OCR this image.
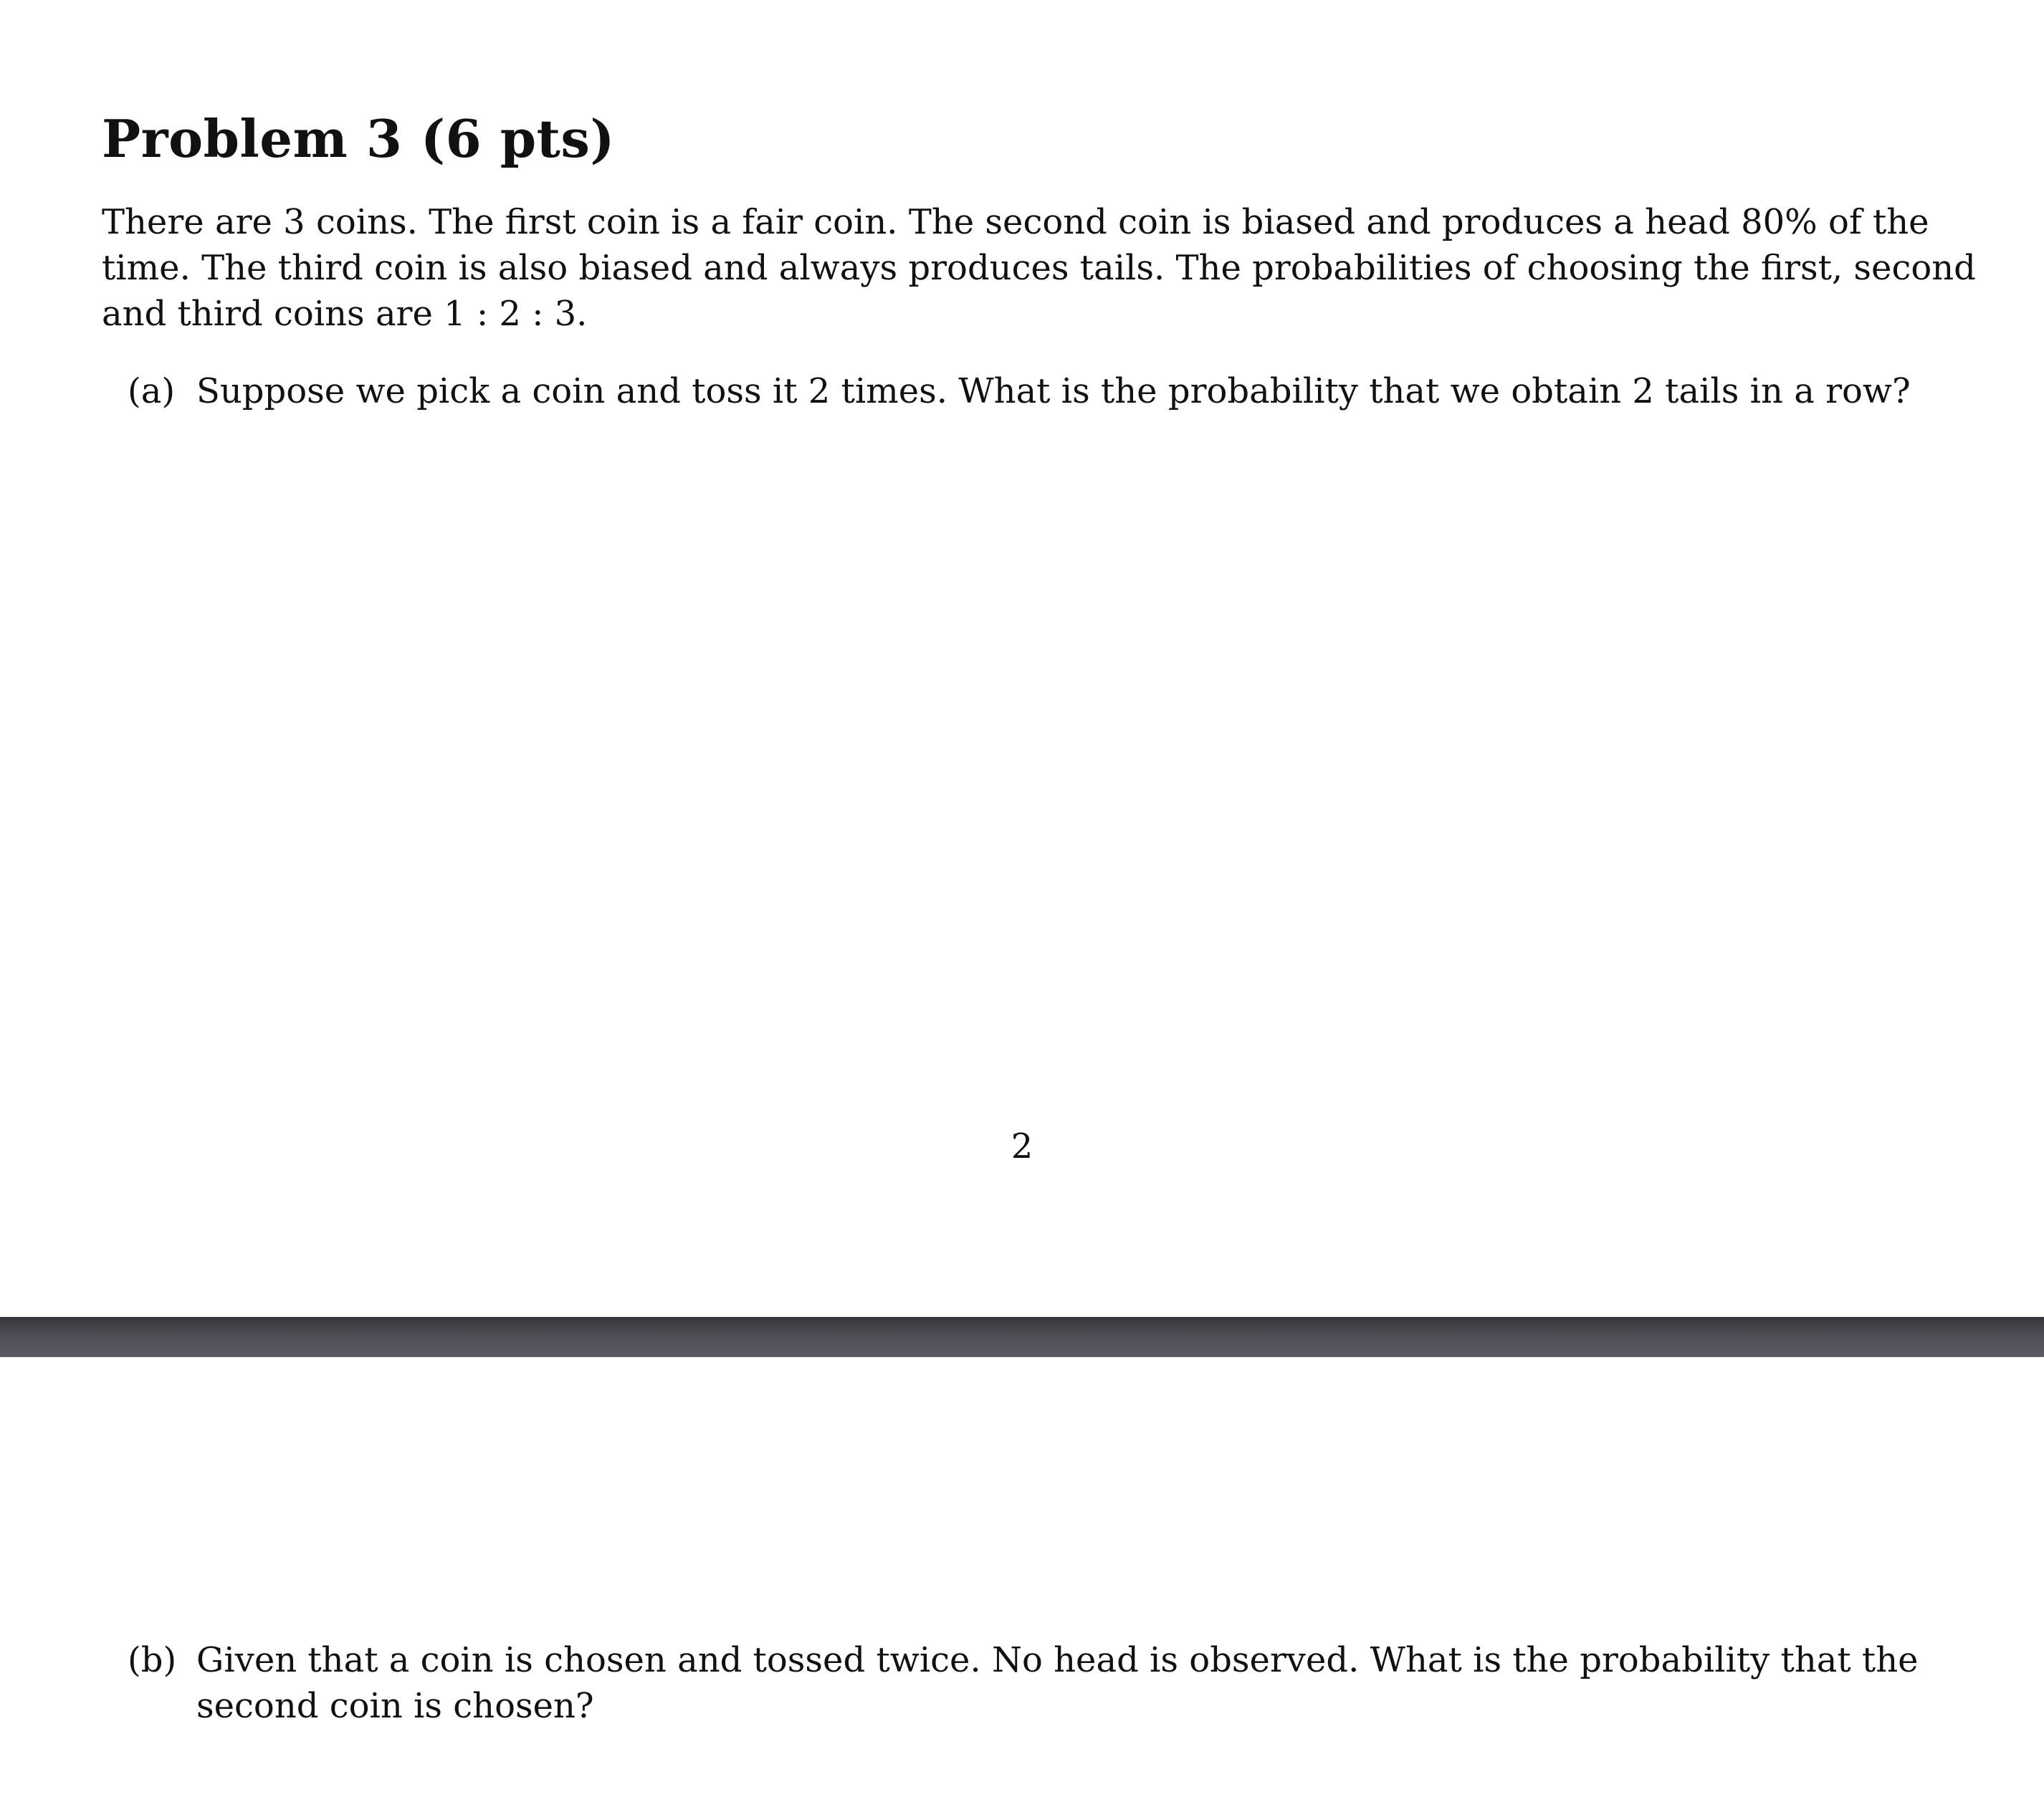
Problem 3 (6 pts)
There are 3 coins. The first coin is a fair coin. The second coin is biased and produces a head 80% of the
time. The third coin is also biased and always produces tails. The probabilities of choosing the first, second
and third coins are 1 : 2 : 3.
(a) Suppose we pick a coin and toss it 2 times. What is the probability that we obtain 2 tails in a row?
2
(b) Given that a coin is chosen and tossed twice. No head is observed. What is the probability that the
second coin is chosen?
